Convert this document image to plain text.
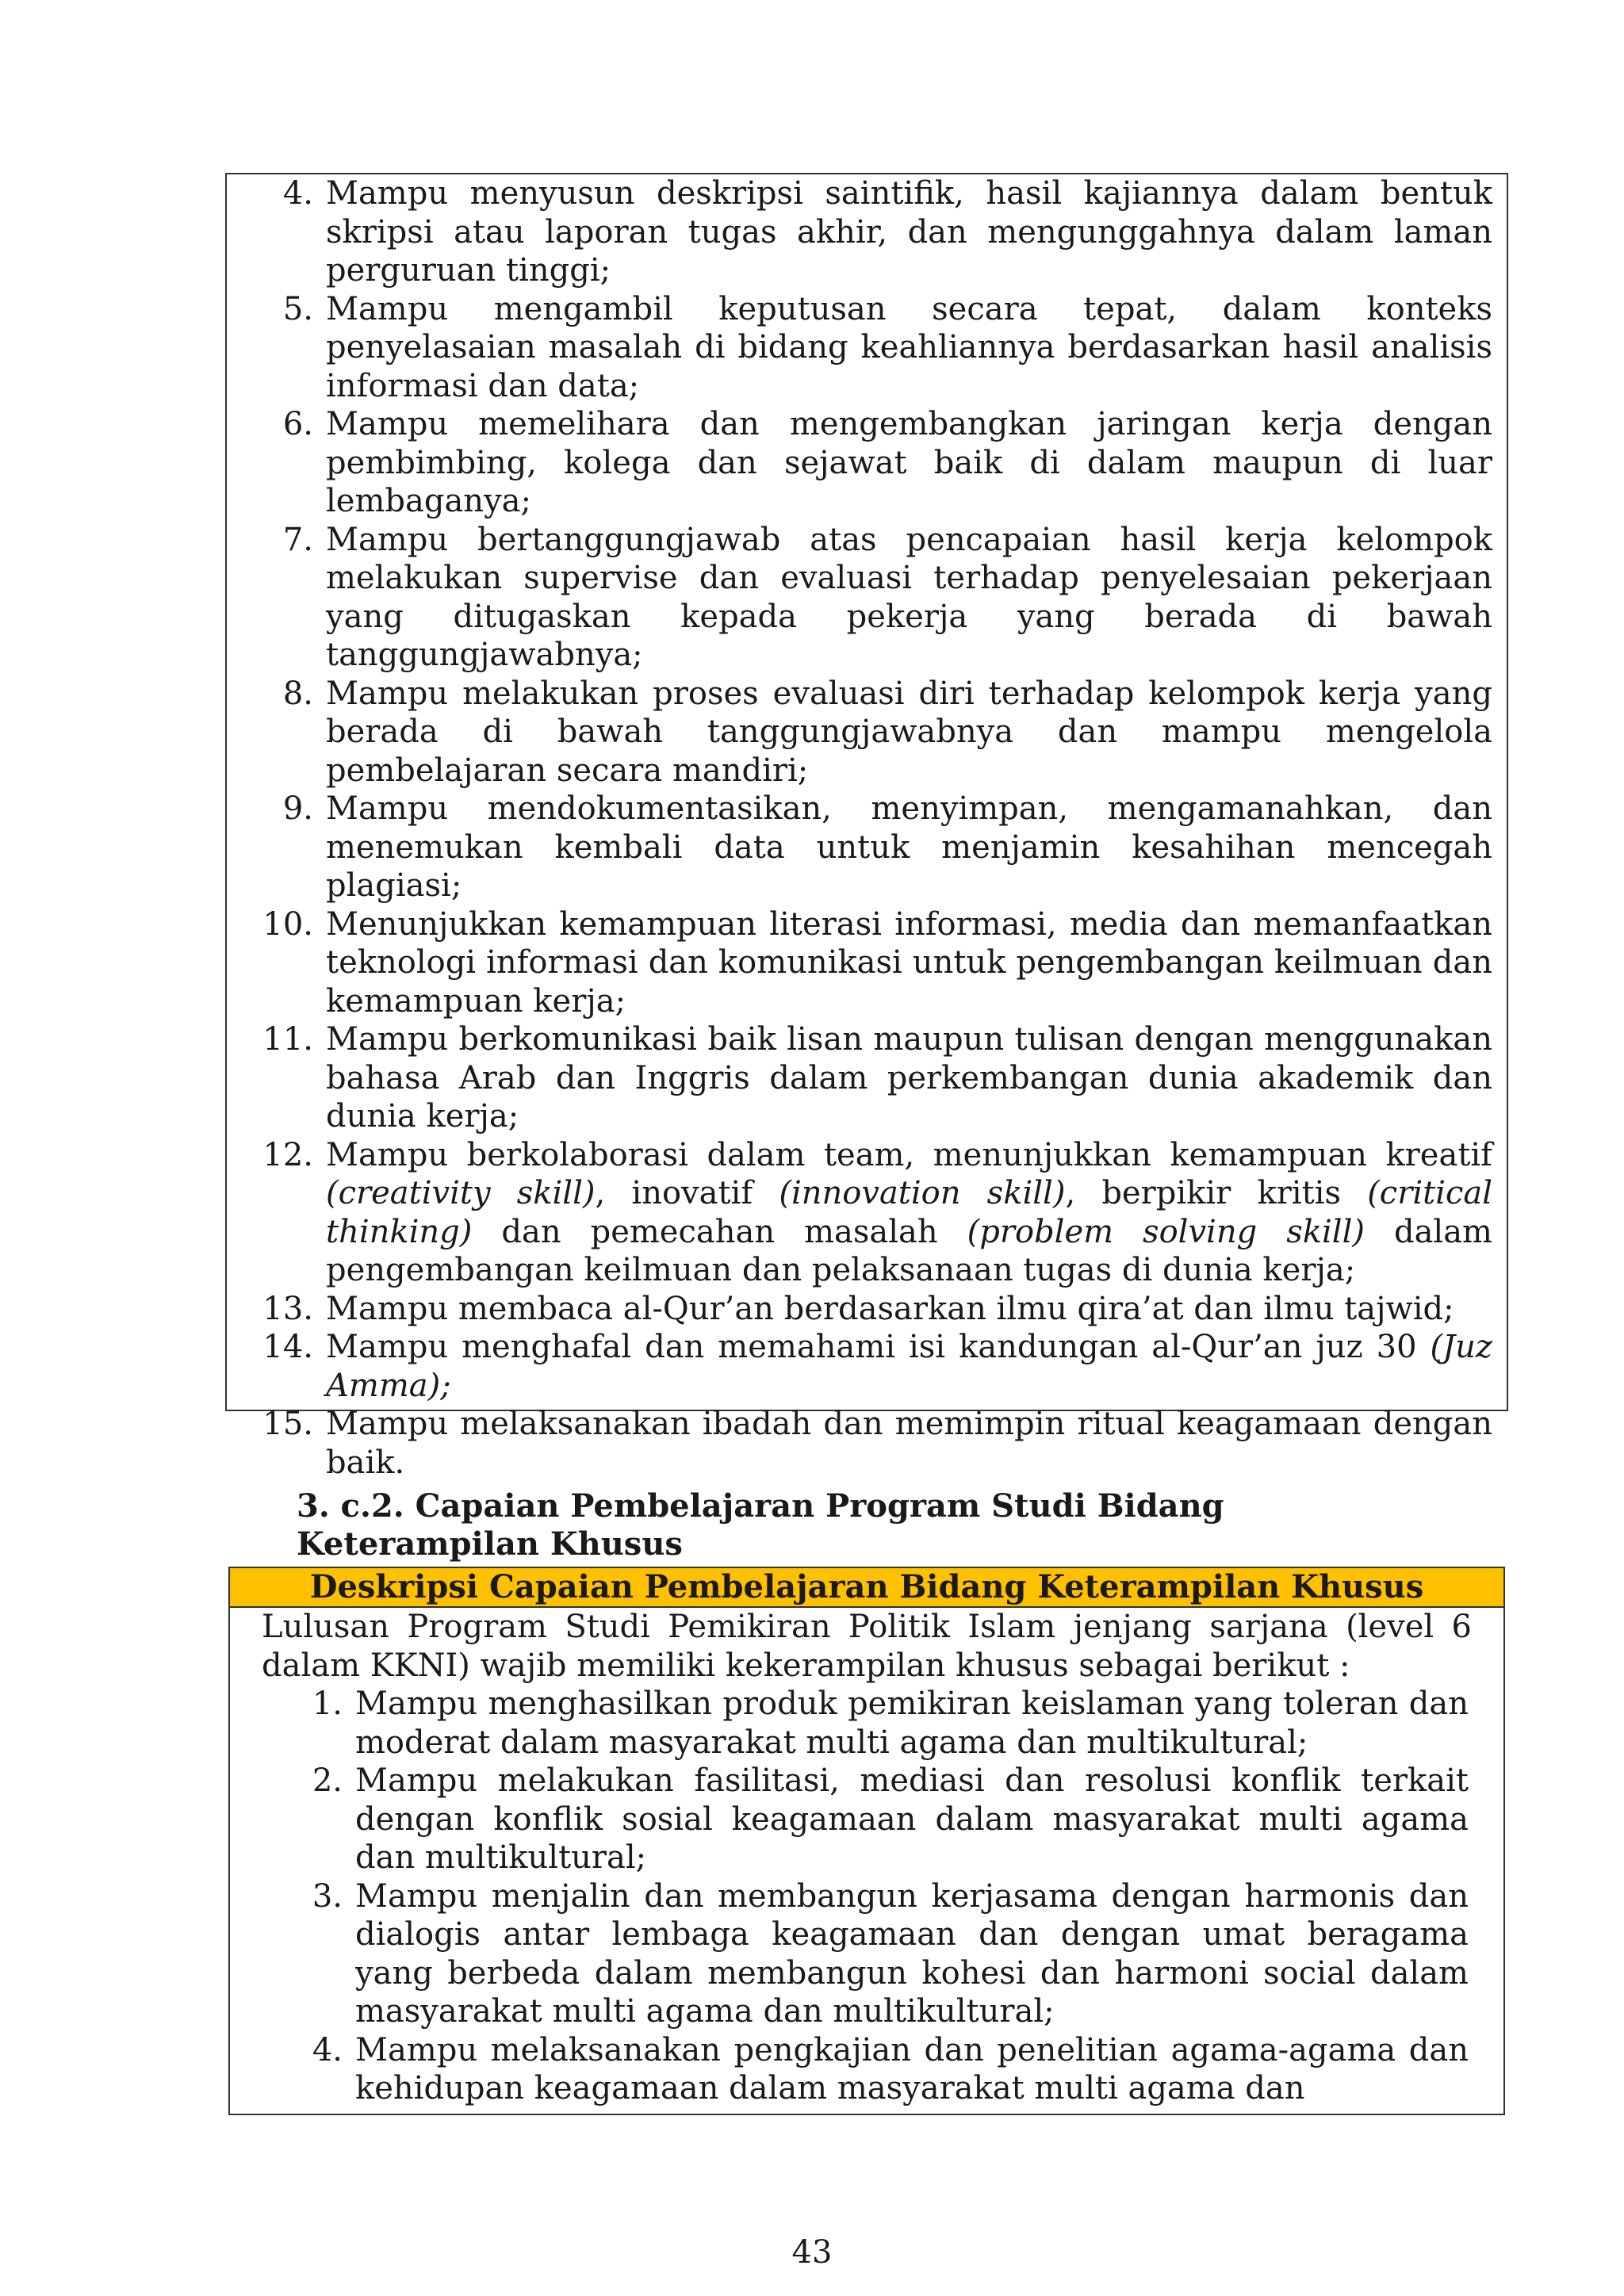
4. Mampu menyusun deskripsi saintifik, hasil kajiannya dalam bentuk skripsi atau laporan tugas akhir, dan mengunggahnya dalam laman perguruan tinggi;
5. Mampu mengambil keputusan secara tepat, dalam konteks penyelasaian masalah di bidang keahliannya berdasarkan hasil analisis informasi dan data;
6. Mampu memelihara dan mengembangkan jaringan kerja dengan pembimbing, kolega dan sejawat baik di dalam maupun di luar lembaganya;
7. Mampu bertanggungjawab atas pencapaian hasil kerja kelompok melakukan supervise dan evaluasi terhadap penyelesaian pekerjaan yang ditugaskan kepada pekerja yang berada di bawah tanggungjawabnya;
8. Mampu melakukan proses evaluasi diri terhadap kelompok kerja yang berada di bawah tanggungjawabnya dan mampu mengelola pembelajaran secara mandiri;
9. Mampu mendokumentasikan, menyimpan, mengamanahkan, dan menemukan kembali data untuk menjamin kesahihan mencegah plagiasi;
10. Menunjukkan kemampuan literasi informasi, media dan memanfaatkan teknologi informasi dan komunikasi untuk pengembangan keilmuan dan kemampuan kerja;
11. Mampu berkomunikasi baik lisan maupun tulisan dengan menggunakan bahasa Arab dan Inggris dalam perkembangan dunia akademik dan dunia kerja;
12. Mampu berkolaborasi dalam team, menunjukkan kemampuan kreatif (creativity skill), inovatif (innovation skill), berpikir kritis (critical thinking) dan pemecahan masalah (problem solving skill) dalam pengembangan keilmuan dan pelaksanaan tugas di dunia kerja;
13. Mampu membaca al-Qur’an berdasarkan ilmu qira’at dan ilmu tajwid;
14. Mampu menghafal dan memahami isi kandungan al-Qur’an juz 30 (Juz Amma);
15. Mampu melaksanakan ibadah dan memimpin ritual keagamaan dengan baik.
3. c.2. Capaian Pembelajaran Program Studi Bidang Keterampilan Khusus
Deskripsi Capaian Pembelajaran Bidang Keterampilan Khusus
Lulusan Program Studi Pemikiran Politik Islam jenjang sarjana (level 6
dalam KKNI) wajib memiliki kekerampilan khusus sebagai berikut :
1. Mampu menghasilkan produk pemikiran keislaman yang toleran dan moderat dalam masyarakat multi agama dan multikultural;
2. Mampu melakukan fasilitasi, mediasi dan resolusi konflik terkait dengan konflik sosial keagamaan dalam masyarakat multi agama dan multikultural;
3. Mampu menjalin dan membangun kerjasama dengan harmonis dan dialogis antar lembaga keagamaan dan dengan umat beragama yang berbeda dalam membangun kohesi dan harmoni social dalam masyarakat multi agama dan multikultural;
4. Mampu melaksanakan pengkajian dan penelitian agama-agama dan kehidupan keagamaan dalam masyarakat multi agama dan
43
